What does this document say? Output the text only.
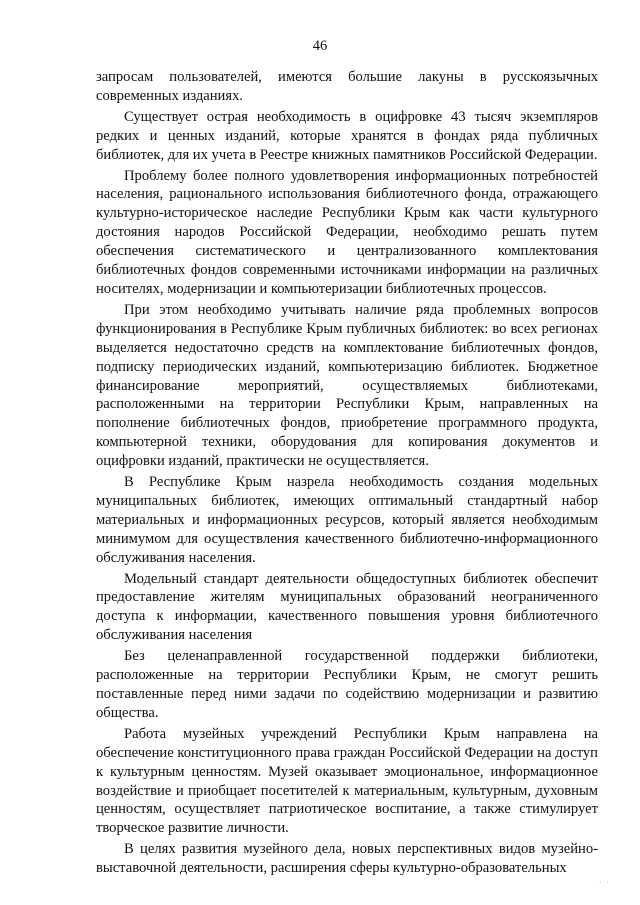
46

запросам пользователей, имеются большие лакуны в русскоязычных современных изданиях.

Существует острая необходимость в оцифровке 43 тысяч экземпляров редких и ценных изданий, которые хранятся в фондах ряда публичных библиотек, для их учета в Реестре книжных памятников Российской Федерации.

Проблему более полного удовлетворения информационных потребностей населения, рационального использования библиотечного фонда, отражающего культурно-историческое наследие Республики Крым как части культурного достояния народов Российской Федерации, необходимо решать путем обеспечения систематического и централизованного комплектования библиотечных фондов современными источниками информации на различных носителях, модернизации и компьютеризации библиотечных процессов.

При этом необходимо учитывать наличие ряда проблемных вопросов функционирования в Республике Крым публичных библиотек: во всех регионах выделяется недостаточно средств на комплектование библиотечных фондов, подписку периодических изданий, компьютеризацию библиотек. Бюджетное финансирование мероприятий, осуществляемых библиотеками, расположенными на территории Республики Крым, направленных на пополнение библиотечных фондов, приобретение программного продукта, компьютерной техники, оборудования для копирования документов и оцифровки изданий, практически не осуществляется.

В Республике Крым назрела необходимость создания модельных муниципальных библиотек, имеющих оптимальный стандартный набор материальных и информационных ресурсов, который является необходимым минимумом для осуществления качественного библиотечно-информационного обслуживания населения.

Модельный стандарт деятельности общедоступных библиотек обеспечит предоставление жителям муниципальных образований неограниченного доступа к информации, качественного повышения уровня библиотечного обслуживания населения

Без целенаправленной государственной поддержки библиотеки, расположенные на территории Республики Крым, не смогут решить поставленные перед ними задачи по содействию модернизации и развитию общества.

Работа музейных учреждений Республики Крым направлена на обеспечение конституционного права граждан Российской Федерации на доступ к культурным ценностям. Музей оказывает эмоциональное, информационное воздействие и приобщает посетителей к материальным, культурным, духовным ценностям, осуществляет патриотическое воспитание, а также стимулирует творческое развитие личности.

В целях развития музейного дела, новых перспективных видов музейно-выставочной деятельности, расширения сферы культурно-образовательных

· ·
